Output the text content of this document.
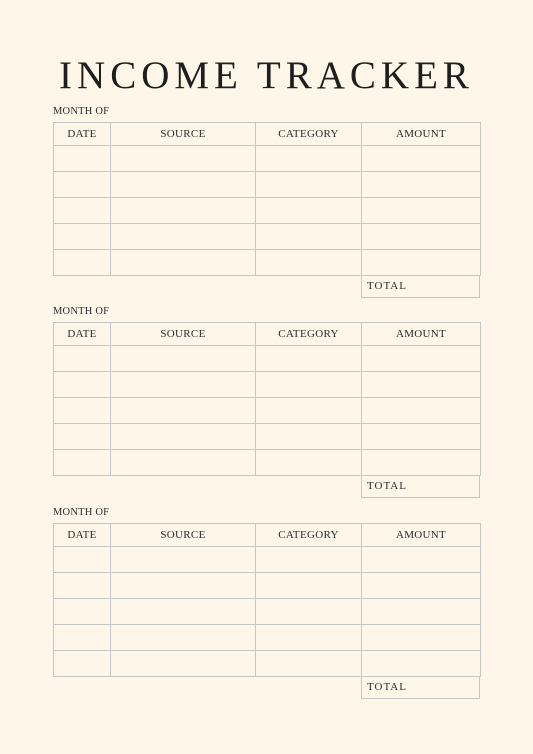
INCOME TRACKER
MONTH OF
DATE	SOURCE	CATEGORY	AMOUNT

TOTAL
MONTH OF
DATE	SOURCE	CATEGORY	AMOUNT

TOTAL
MONTH OF
DATE	SOURCE	CATEGORY	AMOUNT

TOTAL
